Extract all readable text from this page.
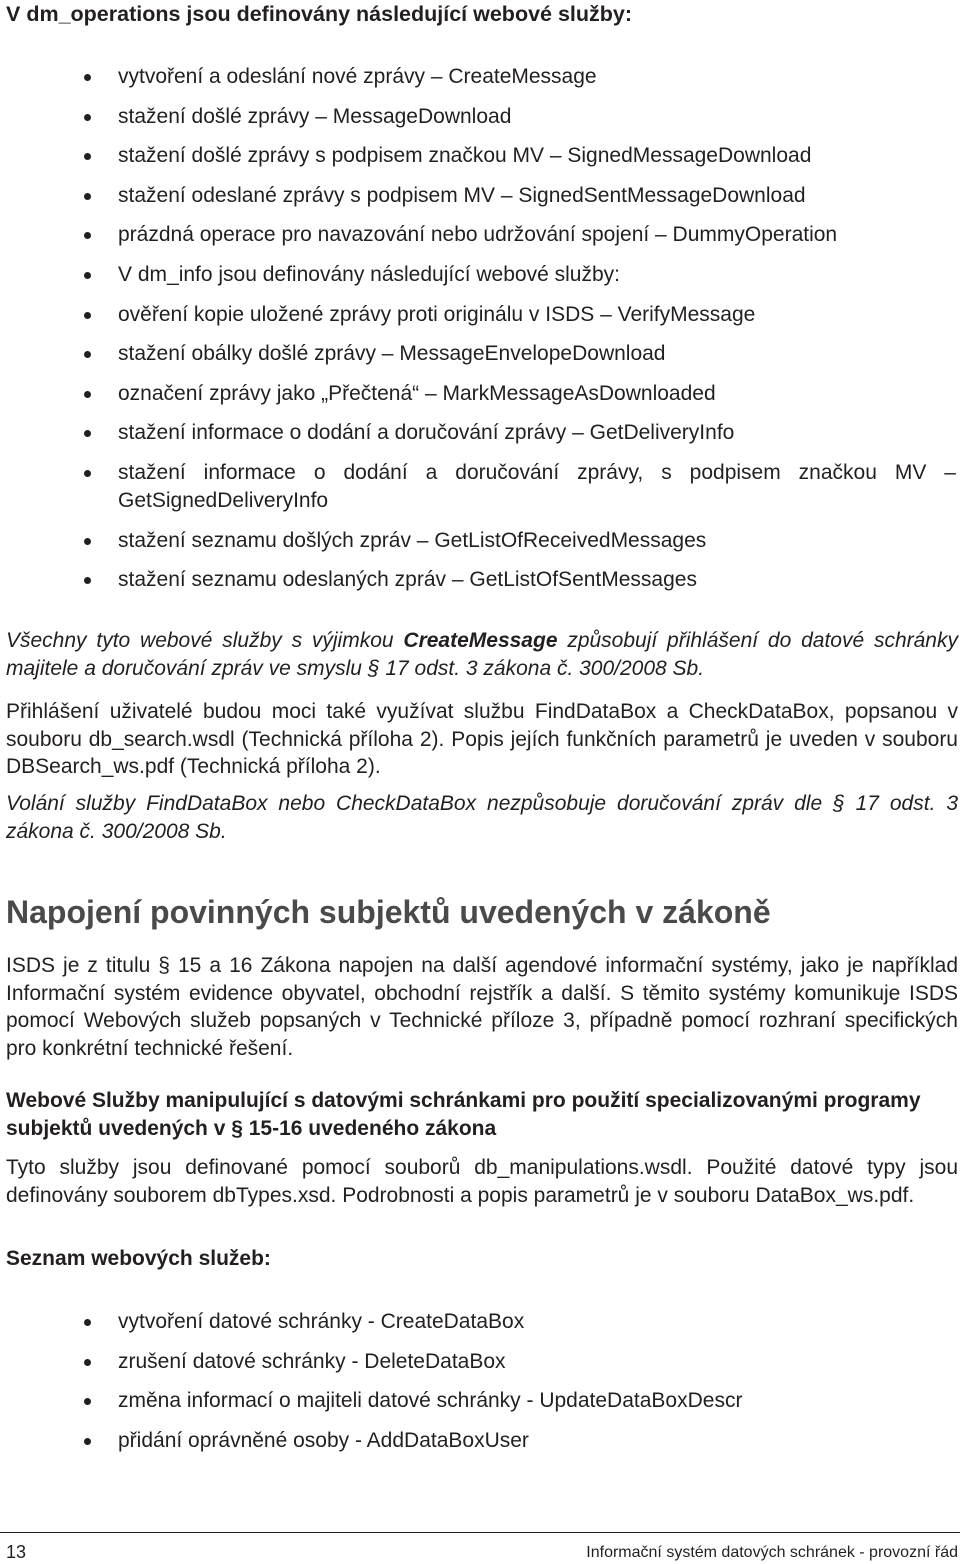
V dm_operations jsou definovány následující webové služby:
vytvoření a odeslání nové zprávy – CreateMessage
stažení došlé zprávy – MessageDownload
stažení došlé zprávy s podpisem značkou MV – SignedMessageDownload
stažení odeslané zprávy s podpisem MV – SignedSentMessageDownload
prázdná operace pro navazování nebo udržování spojení – DummyOperation
V dm_info jsou definovány následující webové služby:
ověření kopie uložené zprávy proti originálu v ISDS – VerifyMessage
stažení obálky došlé zprávy – MessageEnvelopeDownload
označení zprávy jako „Přečtená“ – MarkMessageAsDownloaded
stažení informace o dodání a doručování zprávy – GetDeliveryInfo
stažení informace o dodání a doručování zprávy, s podpisem značkou MV – GetSignedDeliveryInfo
stažení seznamu došlých zpráv – GetListOfReceivedMessages
stažení seznamu odeslaných zpráv – GetListOfSentMessages

Všechny tyto webové služby s výjimkou CreateMessage způsobují přihlášení do datové schránky majitele a doručování zpráv ve smyslu § 17 odst. 3 zákona č. 300/2008 Sb.

Přihlášení uživatelé budou moci také využívat službu FindDataBox a CheckDataBox, popsanou v souboru db_search.wsdl (Technická příloha 2). Popis jejích funkčních parametrů je uveden v souboru DBSearch_ws.pdf (Technická příloha 2).

Volání služby FindDataBox nebo CheckDataBox nezpůsobuje doručování zpráv dle § 17 odst. 3 zákona č. 300/2008 Sb.

Napojení povinných subjektů uvedených v zákoně

ISDS je z titulu § 15 a 16 Zákona napojen na další agendové informační systémy, jako je například Informační systém evidence obyvatel, obchodní rejstřík a další. S těmito systémy komunikuje ISDS pomocí Webových služeb popsaných v Technické příloze 3, případně pomocí rozhraní specifických pro konkrétní technické řešení.

Webové Služby manipulující s datovými schránkami pro použití specializovanými programy subjektů uvedených v § 15-16 uvedeného zákona

Tyto služby jsou definované pomocí souborů db_manipulations.wsdl. Použité datové typy jsou definovány souborem dbTypes.xsd. Podrobnosti a popis parametrů je v souboru DataBox_ws.pdf.

Seznam webových služeb:
vytvoření datové schránky - CreateDataBox
zrušení datové schránky - DeleteDataBox
změna informací o majiteli datové schránky - UpdateDataBoxDescr
přidání oprávněné osoby - AddDataBoxUser
13	Informační systém datových schránek - provozní řád
